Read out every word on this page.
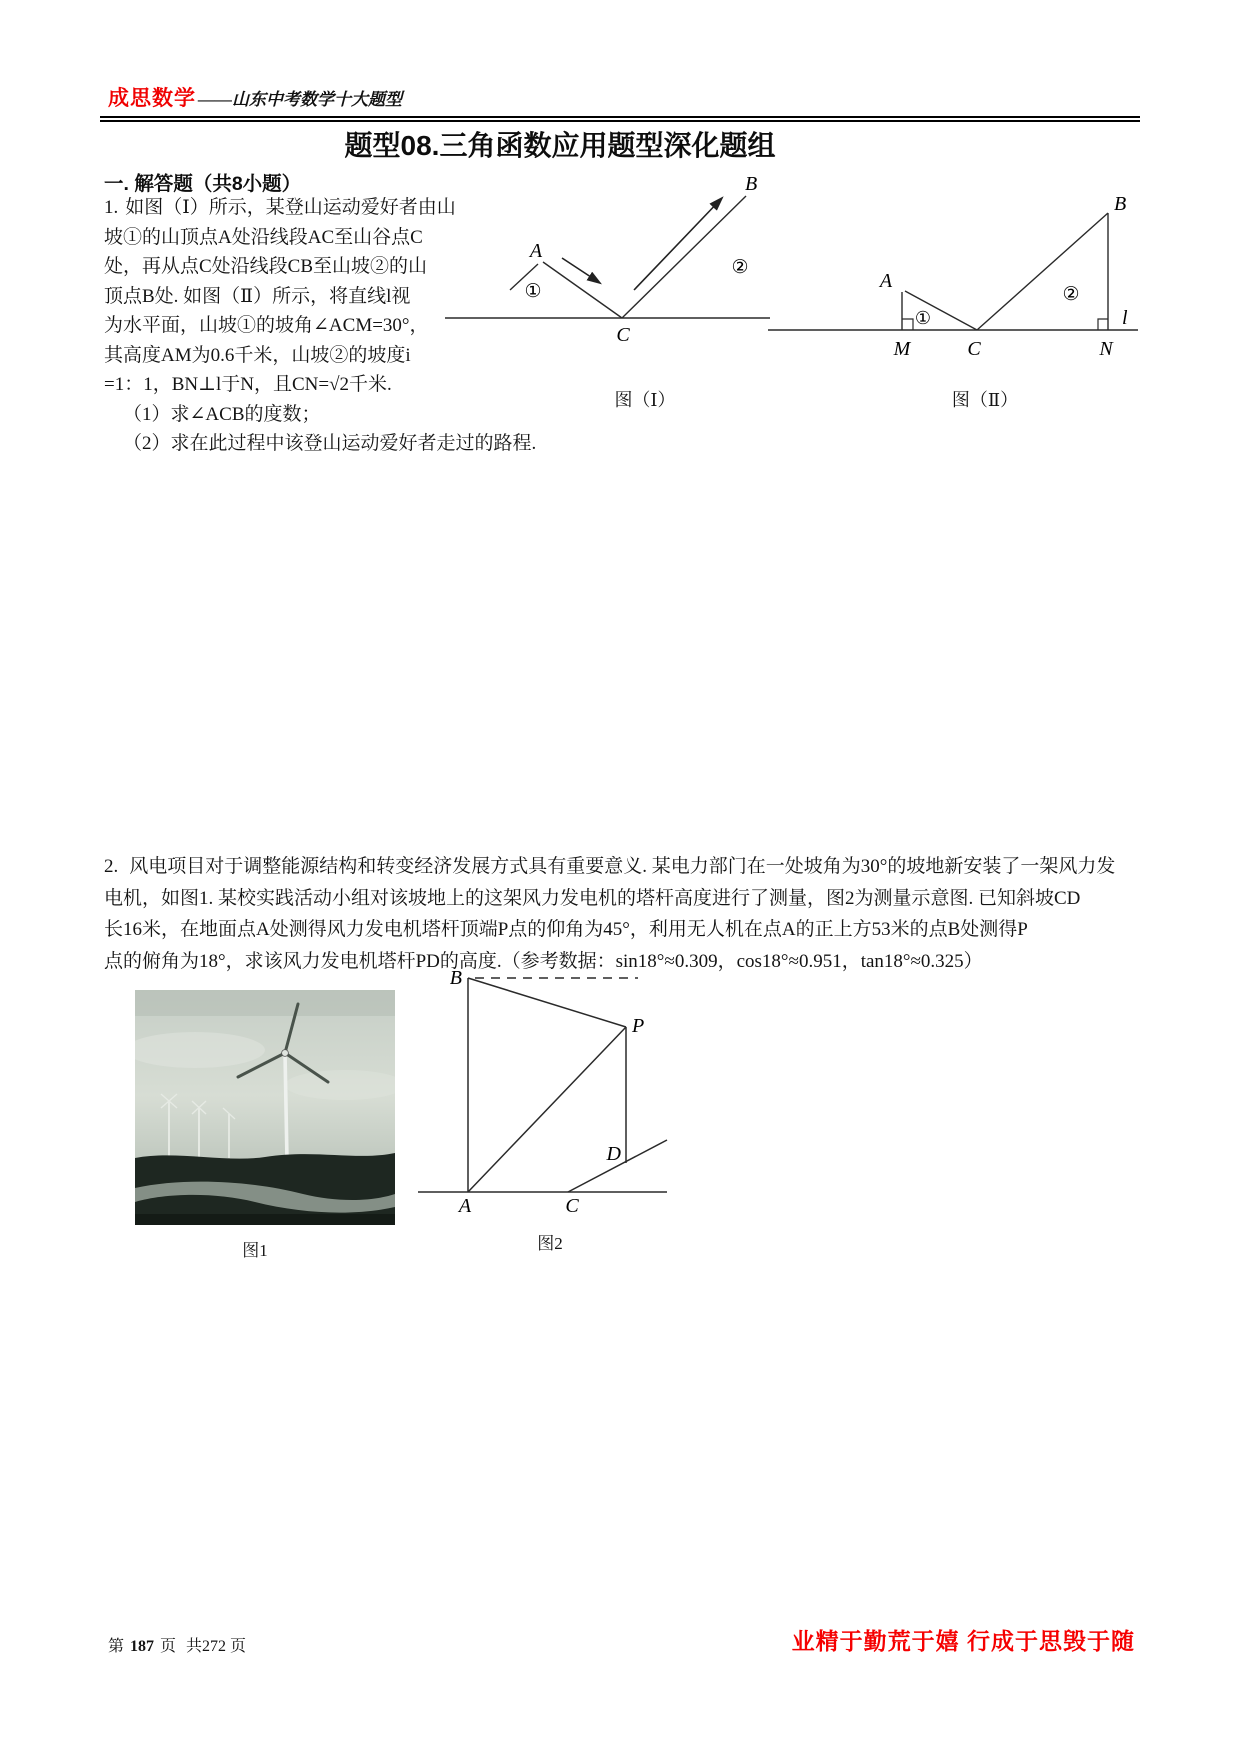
成思数学 ——山东中考数学十大题型
题型08.三角函数应用题型深化题组
一. 解答题（共8小题）
1. 如图（Ⅰ）所示，某登山运动爱好者由山
坡①的山顶点A处沿线段AC至山谷点C
处，再从点C处沿线段CB至山坡②的山
顶点B处. 如图（Ⅱ）所示，将直线l视
为水平面，山坡①的坡角∠ACM=30°，
其高度AM为0.6千米，山坡②的坡度i
=1：1，BN⊥l于N，且CN=√2千米.
（1）求∠ACB的度数；
（2）求在此过程中该登山运动爱好者走过的路程.
A
B
C
①
②
图（Ⅰ）
A
B
M	C	N
l
①
②
图（Ⅱ）
2. 风电项目对于调整能源结构和转变经济发展方式具有重要意义. 某电力部门在一处坡角为30°的坡地新安装了一架风力发
电机，如图1. 某校实践活动小组对该坡地上的这架风力发电机的塔杆高度进行了测量，图2为测量示意图. 已知斜坡CD
长16米，在地面点A处测得风力发电机塔杆顶端P点的仰角为45°，利用无人机在点A的正上方53米的点B处测得P
点的俯角为18°，求该风力发电机塔杆PD的高度.（参考数据：sin18°≈0.309，cos18°≈0.951，tan18°≈0.325）
图1
B
P
A	C
D
图2
第 187 页 共272 页	业精于勤荒于嬉 行成于思毁于随
